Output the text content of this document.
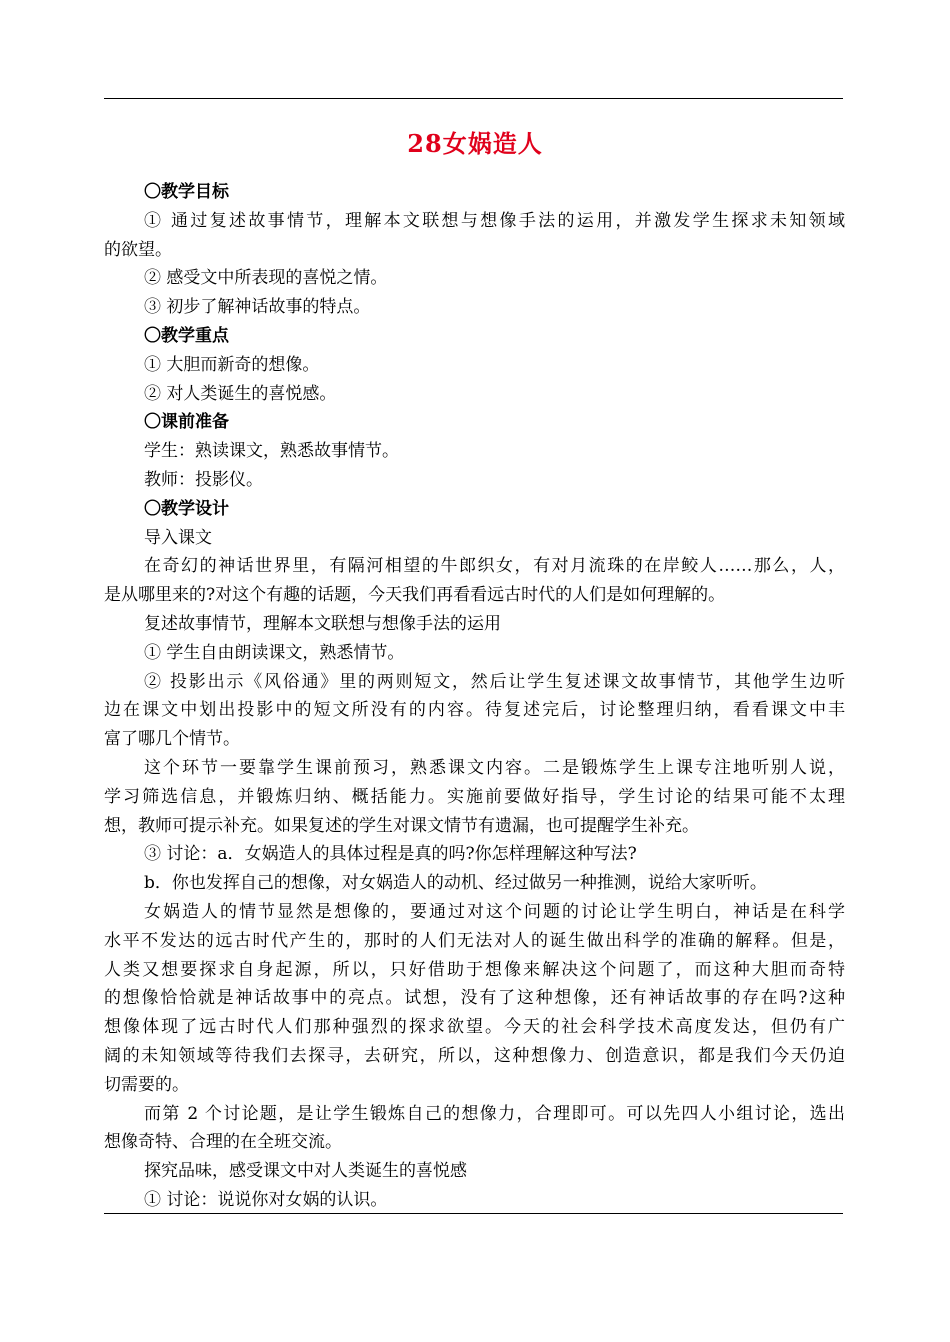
28女娲造人
〇教学目标
① 通过复述故事情节，理解本文联想与想像手法的运用，并激发学生探求未知领域
的欲望。
② 感受文中所表现的喜悦之情。
③ 初步了解神话故事的特点。
〇教学重点
① 大胆而新奇的想像。
② 对人类诞生的喜悦感。
〇课前准备
学生：熟读课文，熟悉故事情节。
教师：投影仪。
〇教学设计
导入课文
在奇幻的神话世界里，有隔河相望的牛郎织女，有对月流珠的在岸鲛人……那么，人，
是从哪里来的?对这个有趣的话题，今天我们再看看远古时代的人们是如何理解的。
复述故事情节，理解本文联想与想像手法的运用
① 学生自由朗读课文，熟悉情节。
② 投影出示《风俗通》里的两则短文，然后让学生复述课文故事情节，其他学生边听
边在课文中划出投影中的短文所没有的内容。待复述完后，讨论整理归纳，看看课文中丰
富了哪几个情节。
这个环节一要靠学生课前预习，熟悉课文内容。二是锻炼学生上课专注地听别人说，
学习筛选信息，并锻炼归纳、概括能力。实施前要做好指导，学生讨论的结果可能不太理
想，教师可提示补充。如果复述的学生对课文情节有遗漏，也可提醒学生补充。
③ 讨论：a．女娲造人的具体过程是真的吗?你怎样理解这种写法?
b．你也发挥自己的想像，对女娲造人的动机、经过做另一种推测，说给大家听听。
女娲造人的情节显然是想像的，要通过对这个问题的讨论让学生明白，神话是在科学
水平不发达的远古时代产生的，那时的人们无法对人的诞生做出科学的准确的解释。但是，
人类又想要探求自身起源，所以，只好借助于想像来解决这个问题了，而这种大胆而奇特
的想像恰恰就是神话故事中的亮点。试想，没有了这种想像，还有神话故事的存在吗?这种
想像体现了远古时代人们那种强烈的探求欲望。今天的社会科学技术高度发达，但仍有广
阔的未知领域等待我们去探寻，去研究，所以，这种想像力、创造意识，都是我们今天仍迫
切需要的。
而第 2 个讨论题，是让学生锻炼自己的想像力，合理即可。可以先四人小组讨论，选出
想像奇特、合理的在全班交流。
探究品味，感受课文中对人类诞生的喜悦感
① 讨论：说说你对女娲的认识。
